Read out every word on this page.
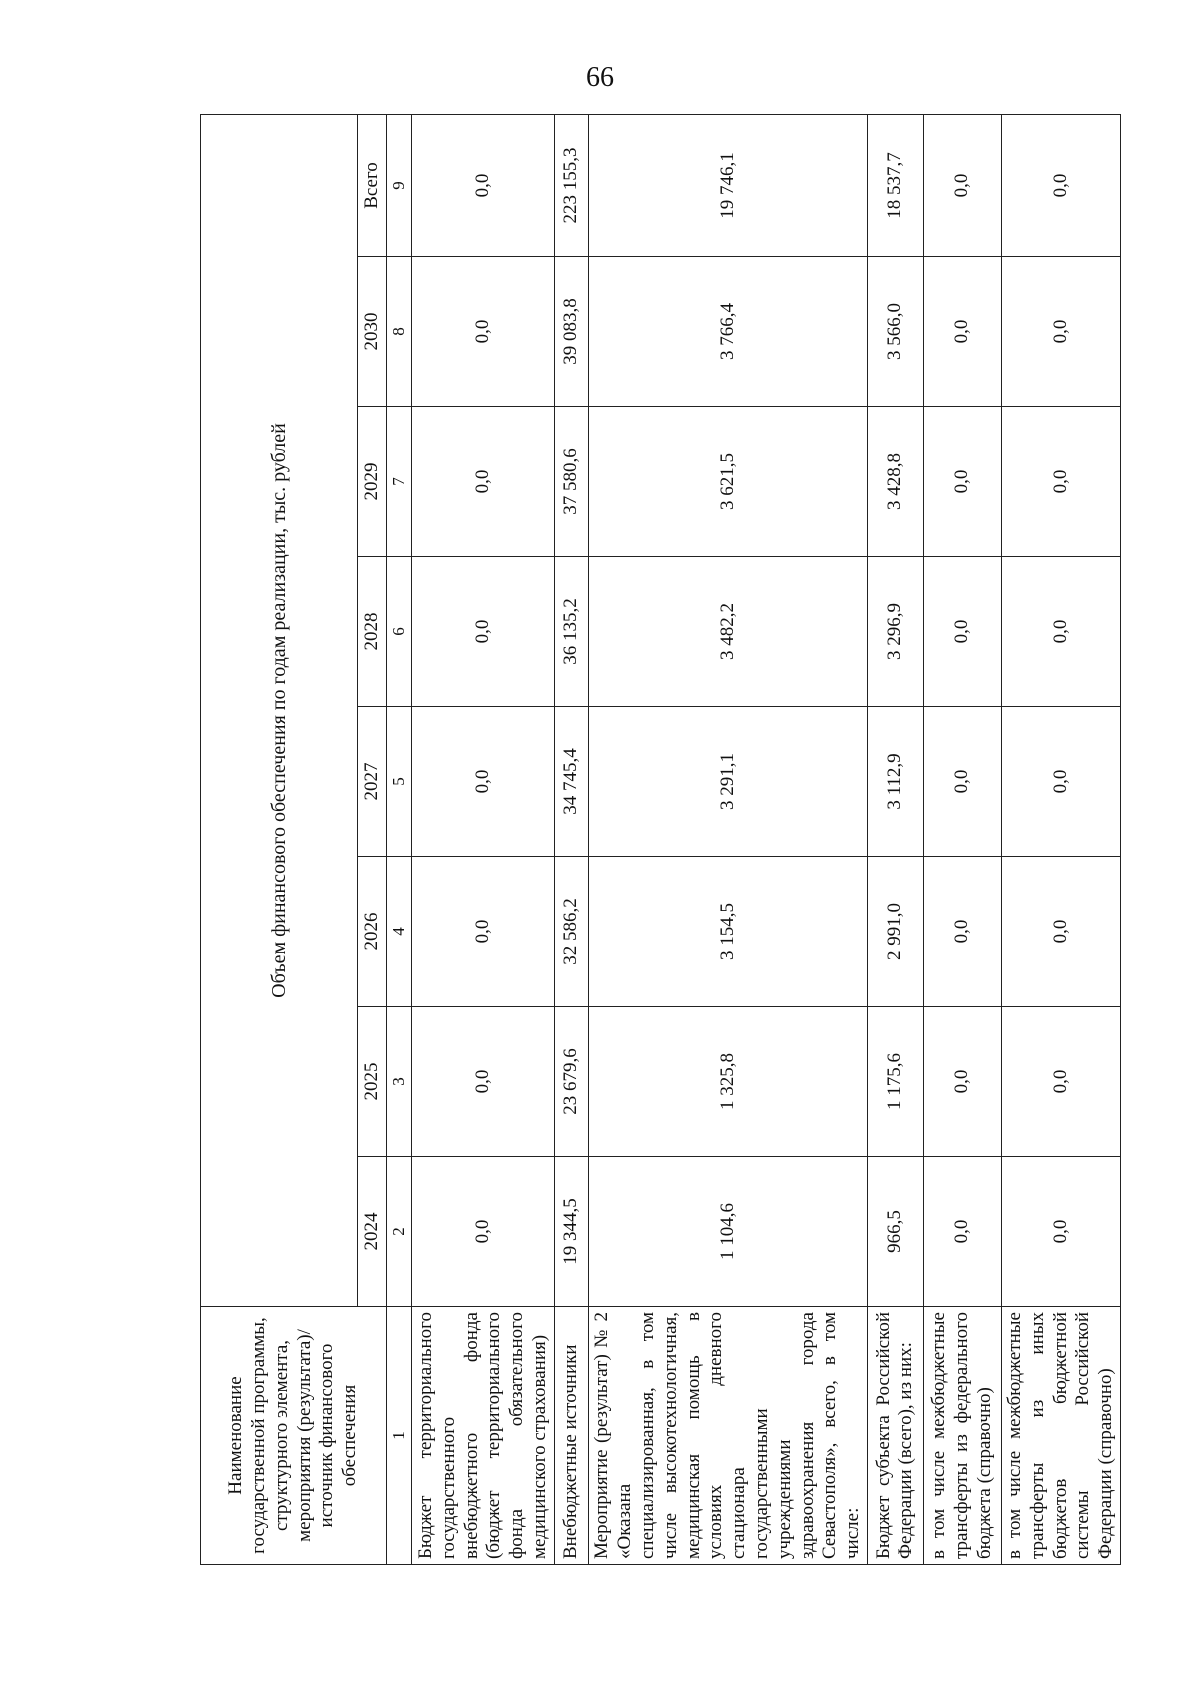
66
Наименование государственной программы, структурного элемента, мероприятия (результата)/источник финансового обеспечения	Объем финансового обеспечения по годам реализации, тыс. рублей							
	2024	2025	2026	2027	2028	2029	2030	Всего
1	2	3	4	5	6	7	8	9
Бюджет территориального государственного внебюджетного фонда (бюджет территориального фонда обязательного медицинского страхования)	0,0	0,0	0,0	0,0	0,0	0,0	0,0	0,0
Внебюджетные источники	19 344,5	23 679,6	32 586,2	34 745,4	36 135,2	37 580,6	39 083,8	223 155,3
Мероприятие (результат) № 2 «Оказана специализированная, в том числе высокотехнологичная, медицинская помощь в условиях дневного стационара государственными учреждениями здравоохранения города Севастополя», всего, в том числе:	1 104,6	1 325,8	3 154,5	3 291,1	3 482,2	3 621,5	3 766,4	19 746,1
Бюджет субъекта Российской Федерации (всего), из них:	966,5	1 175,6	2 991,0	3 112,9	3 296,9	3 428,8	3 566,0	18 537,7
в том числе межбюджетные трансферты из федерального бюджета (справочно)	0,0	0,0	0,0	0,0	0,0	0,0	0,0	0,0
в том числе межбюджетные трансферты из иных бюджетов бюджетной системы Российской Федерации (справочно)	0,0	0,0	0,0	0,0	0,0	0,0	0,0	0,0
